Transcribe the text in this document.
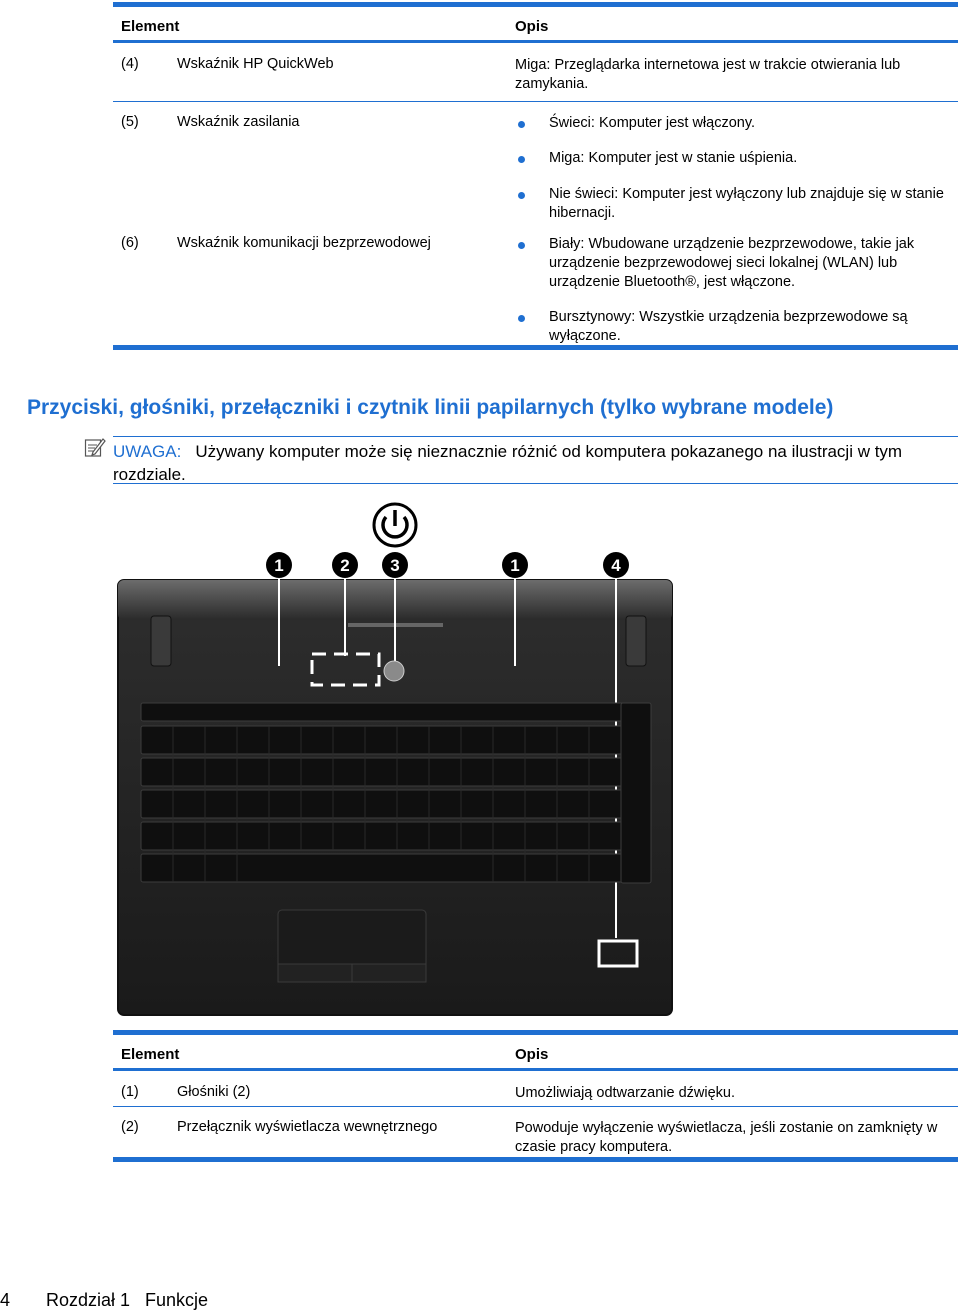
Element	Opis
(4)	Wskaźnik HP QuickWeb	Miga: Przeglądarka internetowa jest w trakcie otwierania lub zamykania.
(5)	Wskaźnik zasilania	Świeci: Komputer jest włączony.
Miga: Komputer jest w stanie uśpienia.
Nie świeci: Komputer jest wyłączony lub znajduje się w stanie hibernacji.
(6)	Wskaźnik komunikacji bezprzewodowej	Biały: Wbudowane urządzenie bezprzewodowe, takie jak urządzenie bezprzewodowej sieci lokalnej (WLAN) lub urządzenie Bluetooth®, jest włączone.
Bursztynowy: Wszystkie urządzenia bezprzewodowe są wyłączone.
Przyciski, głośniki, przełączniki i czytnik linii papilarnych (tylko wybrane modele)
UWAGA: Używany komputer może się nieznacznie różnić od komputera pokazanego na ilustracji w tym rozdziale.
1	2 3	1	4
Element	Opis
(1)	Głośniki (2)	Umożliwiają odtwarzanie dźwięku.
(2)	Przełącznik wyświetlacza wewnętrznego	Powoduje wyłączenie wyświetlacza, jeśli zostanie on zamknięty w czasie pracy komputera.
4 Rozdział 1   Funkcje
